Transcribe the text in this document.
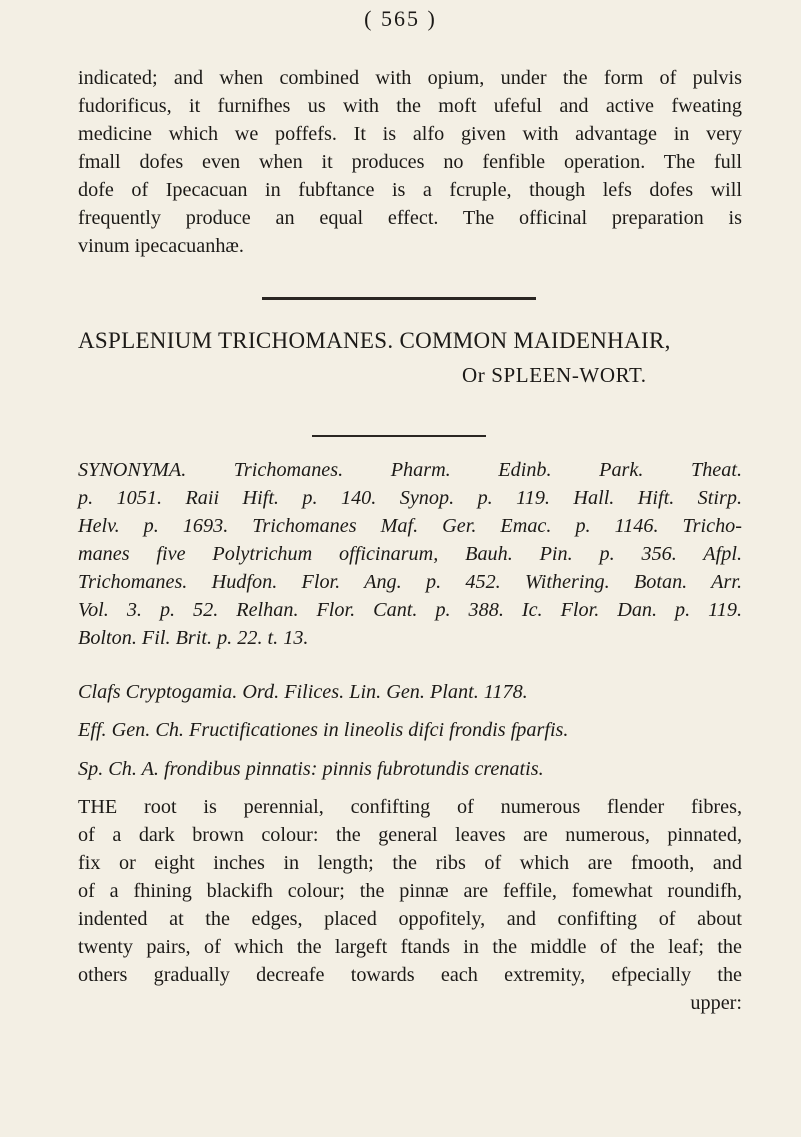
( 565 )
indicated; and when combined with opium, under the form of pulvis
fudorificus, it furnifhes us with the moft ufeful and active fweating
medicine which we poffefs. It is alfo given with advantage in very
fmall dofes even when it produces no fenfible operation. The full
dofe of Ipecacuan in fubftance is a fcruple, though lefs dofes will
frequently produce an equal effect. The officinal preparation is
vinum ipecacuanhæ.
ASPLENIUM TRICHOMANES. COMMON MAIDENHAIR,
Or SPLEEN-WORT.
SYNONYMA. Trichomanes. Pharm. Edinb. Park. Theat.
p. 1051. Raii Hift. p. 140. Synop. p. 119. Hall. Hift. Stirp.
Helv. p. 1693. Trichomanes Maf. Ger. Emac. p. 1146. Tricho-
manes five Polytrichum officinarum, Bauh. Pin. p. 356. Afpl.
Trichomanes. Hudfon. Flor. Ang. p. 452. Withering. Botan. Arr.
Vol. 3. p. 52. Relhan. Flor. Cant. p. 388. Ic. Flor. Dan. p. 119.
Bolton. Fil. Brit. p. 22. t. 13.
Clafs Cryptogamia. Ord. Filices. Lin. Gen. Plant. 1178.
Eff. Gen. Ch. Fructificationes in lineolis difci frondis fparfis.
Sp. Ch. A. frondibus pinnatis: pinnis fubrotundis crenatis.
THE root is perennial, confifting of numerous flender fibres,
of a dark brown colour: the general leaves are numerous, pinnated,
fix or eight inches in length; the ribs of which are fmooth, and
of a fhining blackifh colour; the pinnæ are feffile, fomewhat roundifh,
indented at the edges, placed oppofitely, and confifting of about
twenty pairs, of which the largeft ftands in the middle of the leaf; the
others gradually decreafe towards each extremity, efpecially the
upper:
